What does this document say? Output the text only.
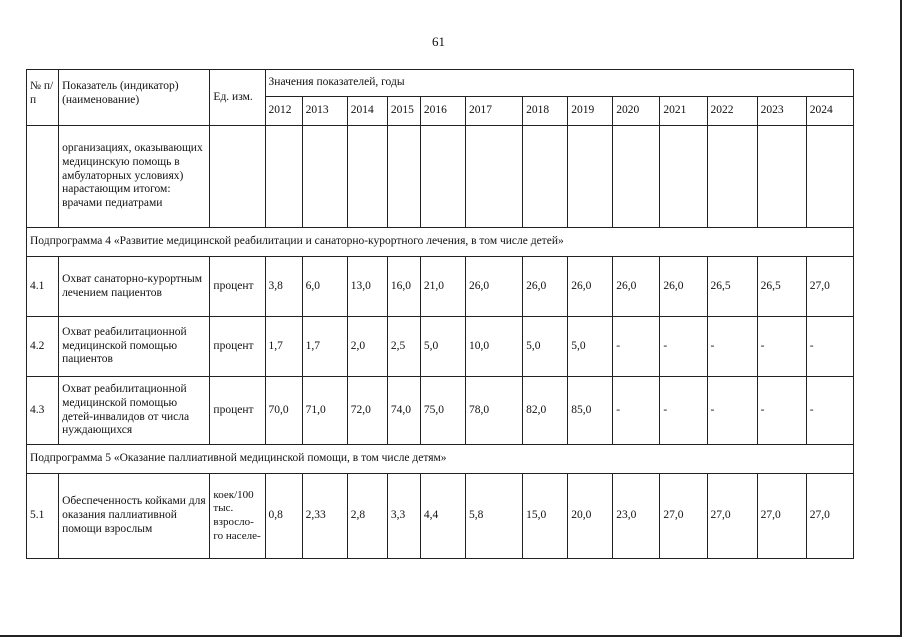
61
№ п/п	Показатель (индикатор) (наименование)	Ед. изм.	Значения показателей, годы												
			2012	2013	2014	2015	2016	2017	2018	2019	2020	2021	2022	2023	2024
	организациях, оказывающих медицинскую помощь в амбулаторных условиях) нарастающим итогом: врачами педиатрами														
Подпрограмма 4 «Развитие медицинской реабилитации и санаторно-курортного лечения, в том числе детей»															
4.1	Охват санаторно-курортным лечением пациентов	процент	3,8	6,0	13,0	16,0	21,0	26,0	26,0	26,0	26,0	26,0	26,5	26,5	27,0
4.2	Охват реабилитационной медицинской помощью пациентов	процент	1,7	1,7	2,0	2,5	5,0	10,0	5,0	5,0	-	-	-	-	-
4.3	Охват реабилитационной медицинской помощью детей-инвалидов от числа нуждающихся	процент	70,0	71,0	72,0	74,0	75,0	78,0	82,0	85,0	-	-	-	-	-
Подпрограмма 5 «Оказание паллиативной медицинской помощи, в том числе детям»															
5.1	Обеспеченность койками для оказания паллиативной помощи взрослым	коек/100 тыс. взросло-го населе-	0,8	2,33	2,8	3,3	4,4	5,8	15,0	20,0	23,0	27,0	27,0	27,0	27,0
